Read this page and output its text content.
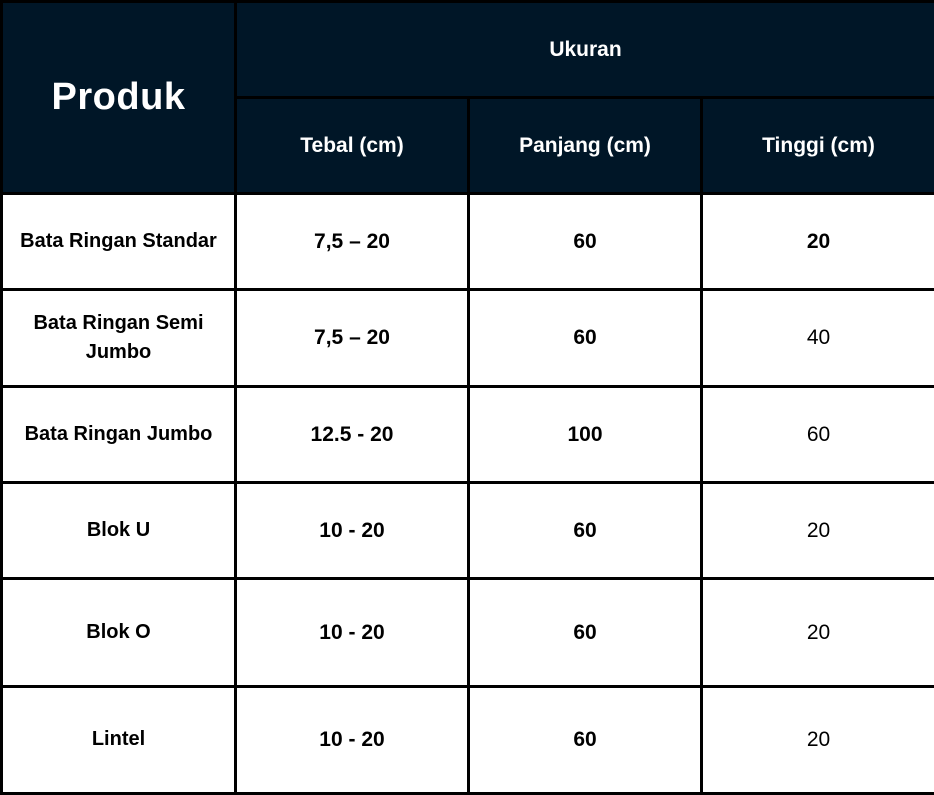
Produk	Ukuran		
	Tebal (cm)	Panjang (cm)	Tinggi (cm)
Bata Ringan Standar	7,5 – 20	60	20
Bata Ringan Semi Jumbo	7,5 – 20	60	40
Bata Ringan Jumbo	12.5 - 20	100	60
Blok U	10 - 20	60	20
Blok O	10 - 20	60	20
Lintel	10 - 20	60	20
